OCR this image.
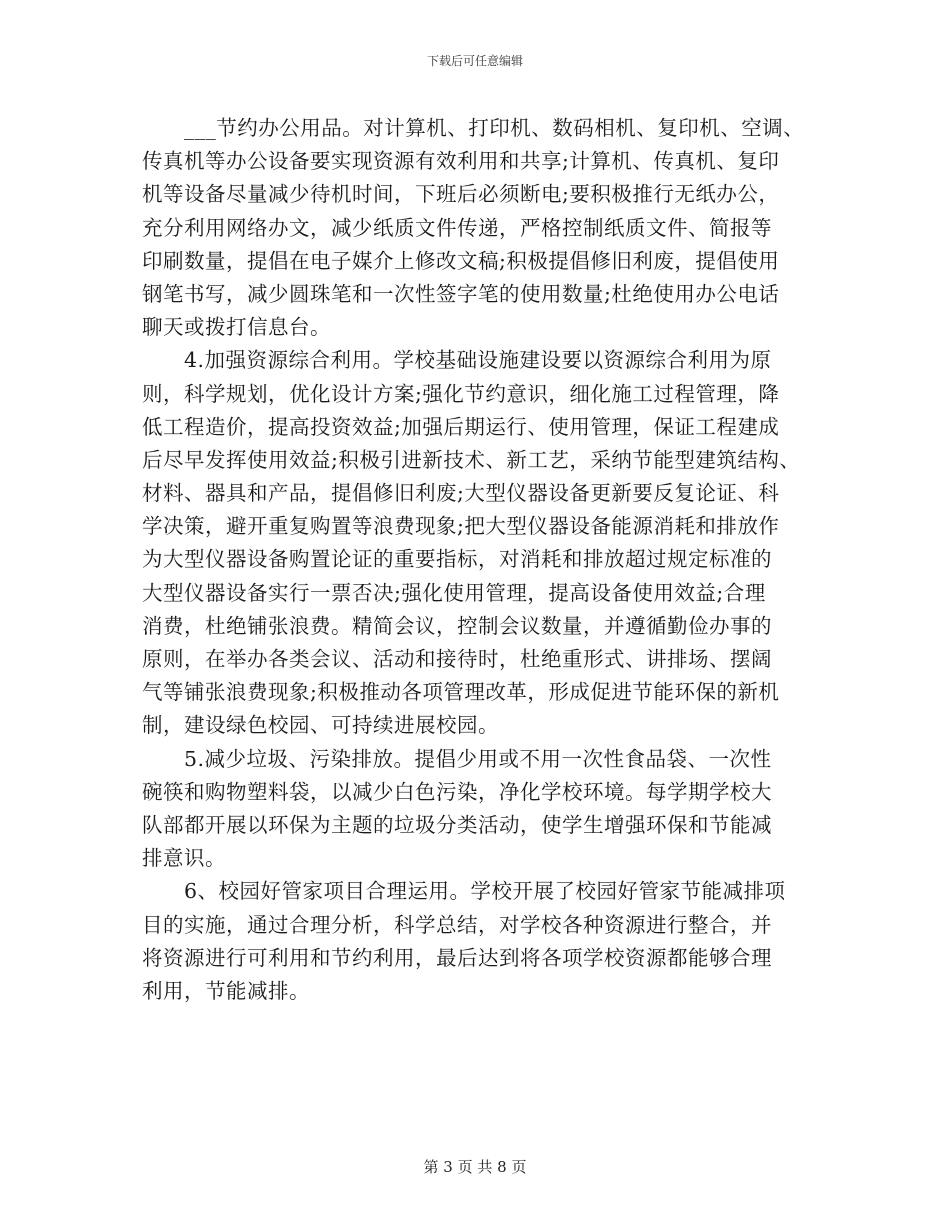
下载后可任意编辑
___节约办公用品。对计算机、打印机、数码相机、复印机、空调、
传真机等办公设备要实现资源有效利用和共享;计算机、传真机、复印
机等设备尽量减少待机时间，下班后必须断电;要积极推行无纸办公，
充分利用网络办文，减少纸质文件传递，严格控制纸质文件、简报等
印刷数量，提倡在电子媒介上修改文稿;积极提倡修旧利废，提倡使用
钢笔书写，减少圆珠笔和一次性签字笔的使用数量;杜绝使用办公电话
聊天或拨打信息台。
4.加强资源综合利用。学校基础设施建设要以资源综合利用为原
则，科学规划，优化设计方案;强化节约意识，细化施工过程管理，降
低工程造价，提高投资效益;加强后期运行、使用管理，保证工程建成
后尽早发挥使用效益;积极引进新技术、新工艺，采纳节能型建筑结构、
材料、器具和产品，提倡修旧利废;大型仪器设备更新要反复论证、科
学决策，避开重复购置等浪费现象;把大型仪器设备能源消耗和排放作
为大型仪器设备购置论证的重要指标，对消耗和排放超过规定标准的
大型仪器设备实行一票否决;强化使用管理，提高设备使用效益;合理
消费，杜绝铺张浪费。精简会议，控制会议数量，并遵循勤俭办事的
原则，在举办各类会议、活动和接待时，杜绝重形式、讲排场、摆阔
气等铺张浪费现象;积极推动各项管理改革，形成促进节能环保的新机
制，建设绿色校园、可持续进展校园。
5.减少垃圾、污染排放。提倡少用或不用一次性食品袋、一次性
碗筷和购物塑料袋，以减少白色污染，净化学校环境。每学期学校大
队部都开展以环保为主题的垃圾分类活动，使学生增强环保和节能减
排意识。
6、校园好管家项目合理运用。学校开展了校园好管家节能减排项
目的实施，通过合理分析，科学总结，对学校各种资源进行整合，并
将资源进行可利用和节约利用，最后达到将各项学校资源都能够合理
利用，节能减排。
第 3 页 共 8 页
